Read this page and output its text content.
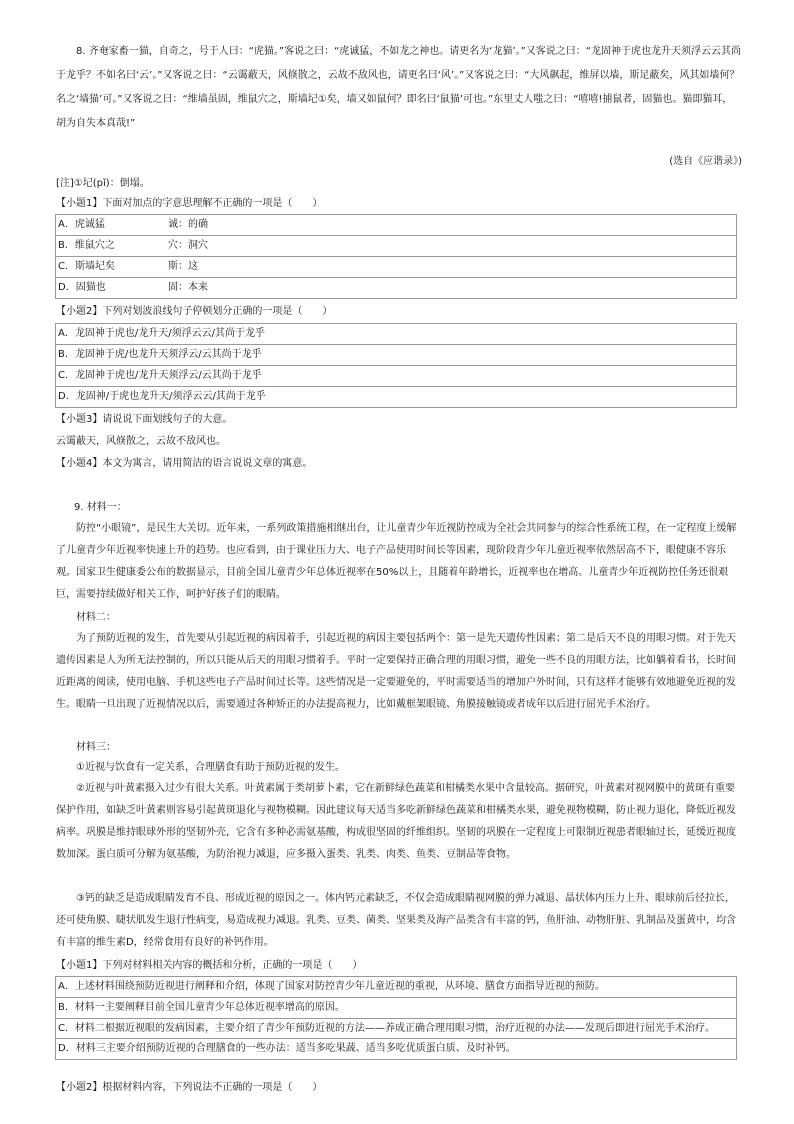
8. 齐奄家畜一猫，自奇之，号于人曰：“虎猫。”客说之曰：“虎诚猛，不如龙之神也。请更名为‘龙猫’。”又客说之曰：“龙固神于虎也龙升天须浮云云其尚于龙乎？不如名曰‘云’。”又客说之曰：“云霭蔽天，风倏散之，云故不敌风也，请更名曰‘风’。”又客说之曰：“大风飙起，维屏以墙，斯足蔽矣，风其如墙何？名之‘墙猫’可。”又客说之曰：“维墙虽固，维鼠穴之，斯墙圮①矣，墙又如鼠何？即名曰‘鼠猫’可也。”东里丈人嗤之曰：“嘻嘻!捕鼠者，固猫也。猫即猫耳，胡为自失本真哉!”

(选自《应谐录》)

[注]①圮(pǐ)：倒塌。

【小题1】下面对加点的字意思理解不正确的一项是（　　）

A．虎诚猛	诚：的确
B．维鼠穴之	穴：洞穴
C．斯墙圮矣	斯：这
D．固猫也	固：本来

【小题2】下列对划波浪线句子停顿划分正确的一项是（　　）

A．龙固神于虎也/龙升天/须浮云云/其尚于龙乎
B．龙固神于虎/也龙升天须浮云/云其尚于龙乎
C．龙固神于虎也/龙升天须浮云/云其尚于龙乎
D．龙固神/于虎也龙升天/须浮云云/其尚于龙乎

【小题3】请说说下面划线句子的大意。

云霭蔽天，风倏散之，云故不敌风也。

【小题4】本文为寓言，请用简洁的语言说说文章的寓意。

9. 材料一：

防控“小眼镜”，是民生大关切。近年来，一系列政策措施相继出台，让儿童青少年近视防控成为全社会共同参与的综合性系统工程，在一定程度上缓解了儿童青少年近视率快速上升的趋势。也应看到，由于课业压力大、电子产品使用时间长等因素，现阶段青少年儿童近视率依然居高不下，眼健康不容乐观。国家卫生健康委公布的数据显示，目前全国儿童青少年总体近视率在50%以上，且随着年龄增长，近视率也在增高。儿童青少年近视防控任务还很艰巨，需要持续做好相关工作，呵护好孩子们的眼睛。

材料二：

为了预防近视的发生，首先要从引起近视的病因着手，引起近视的病因主要包括两个：第一是先天遗传性因素；第二是后天不良的用眼习惯。对于先天遗传因素是人为所无法控制的，所以只能从后天的用眼习惯着手。平时一定要保持正确合理的用眼习惯，避免一些不良的用眼方法，比如躺着看书，长时间近距离的阅读，使用电脑、手机这些电子产品时间过长等。这些情况是一定要避免的，平时需要适当的增加户外时间，只有这样才能够有效地避免近视的发生。眼睛一旦出现了近视情况以后，需要通过各种矫正的办法提高视力，比如戴框架眼镜、角膜接触镜或者成年以后进行屈光手术治疗。

材料三：

①近视与饮食有一定关系，合理膳食有助于预防近视的发生。

②近视与叶黄素摄入过少有很大关系。叶黄素属于类胡萝卜素，它在新鲜绿色蔬菜和柑橘类水果中含量较高。据研究，叶黄素对视网膜中的黄斑有重要保护作用，如缺乏叶黄素则容易引起黄斑退化与视物模糊。因此建议每天适当多吃新鲜绿色蔬菜和柑橘类水果，避免视物模糊，防止视力退化，降低近视发病率。巩膜是维持眼球外形的坚韧外壳，它含有多种必需氨基酸，构成很坚固的纤维组织。坚韧的巩膜在一定程度上可限制近视患者眼轴过长，延缓近视度数加深。蛋白质可分解为氨基酸，为防治视力减退，应多摄入蛋类、乳类、肉类、鱼类、豆制品等食物。

③钙的缺乏是造成眼睛发育不良、形成近视的原因之一。体内钙元素缺乏，不仅会造成眼睛视网膜的弹力减退、晶状体内压力上升、眼球前后径拉长，还可使角膜、睫状肌发生退行性病变，易造成视力减退。乳类、豆类、菌类、坚果类及海产品类含有丰富的钙，鱼肝油、动物肝脏、乳制品及蛋黄中，均含有丰富的维生素D，经常食用有良好的补钙作用。

【小题1】下列对材料相关内容的概括和分析，正确的一项是（　　）

A．上述材料围绕预防近视进行阐释和介绍，体现了国家对防控青少年儿童近视的重视，从环境、膳食方面指导近视的预防。
B．材料一主要阐释目前全国儿童青少年总体近视率增高的原因。
C．材料二根据近视眼的发病因素，主要介绍了青少年预防近视的方法——养成正确合理用眼习惯，治疗近视的办法——发现后即进行屈光手术治疗。
D．材料三主要介绍预防近视的合理膳食的一些办法：适当多吃果蔬、适当多吃优质蛋白质、及时补钙。

【小题2】根据材料内容，下列说法不正确的一项是（　　）
